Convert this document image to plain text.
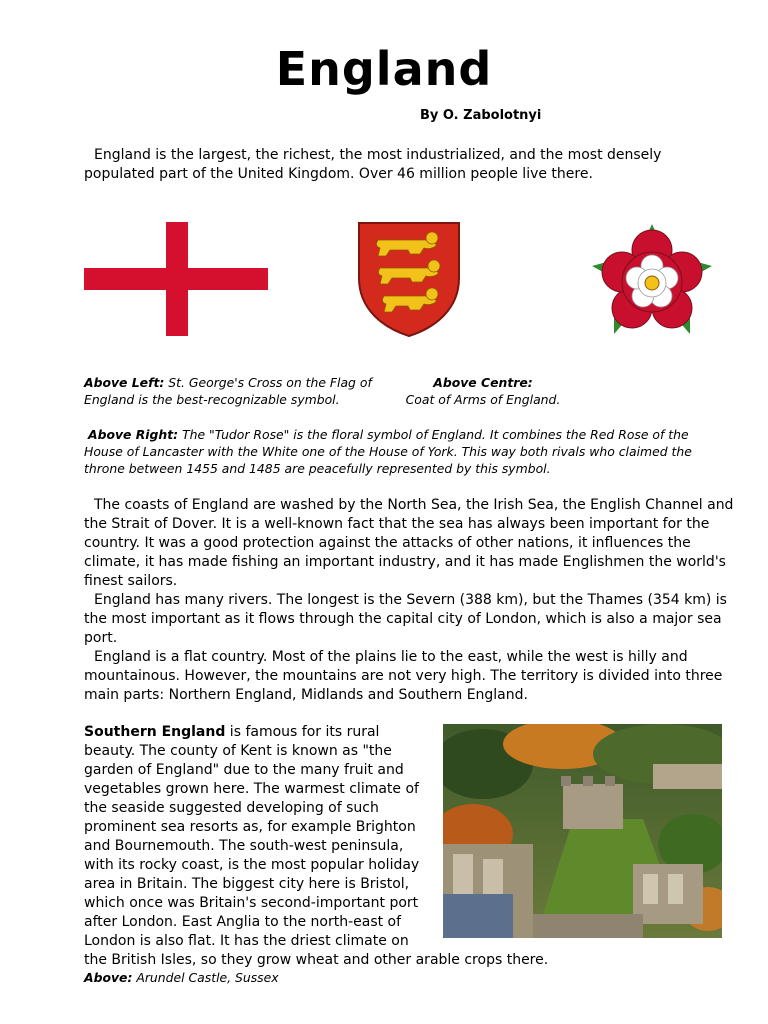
England
By O. Zabolotnyi

England is the largest, the richest, the most industrialized, and the most densely populated part of the United Kingdom. Over 46 million people live there.

Above Left: St. George's Cross on the Flag of England is the best-recognizable symbol.

Above Centre:
Coat of Arms of England.

Above Right: The "Tudor Rose" is the floral symbol of England. It combines the Red Rose of the House of Lancaster with the White one of the House of York. This way both rivals who claimed the throne between 1455 and 1485 are peacefully represented by this symbol.

The coasts of England are washed by the North Sea, the Irish Sea, the English Channel and the Strait of Dover. It is a well-known fact that the sea has always been important for the country. It was a good protection against the attacks of other nations, it influences the climate, it has made fishing an important industry, and it has made Englishmen the world's finest sailors.

England has many rivers. The longest is the Severn (388 km), but the Thames (354 km) is the most important as it flows through the capital city of London, which is also a major sea port.

England is a flat country. Most of the plains lie to the east, while the west is hilly and mountainous. However, the mountains are not very high. The territory is divided into three main parts: Northern England, Midlands and Southern England.

Southern England is famous for its rural beauty. The county of Kent is known as "the garden of England" due to the many fruit and vegetables grown here. The warmest climate of the seaside suggested developing of such prominent sea resorts as, for example Brighton and Bournemouth. The south-west peninsula, with its rocky coast, is the most popular holiday area in Britain. The biggest city here is Bristol, which once was Britain's second-important port after London. East Anglia to the north-east of London is also flat. It has the driest climate on

the British Isles, so they grow wheat and other arable crops there.

Above: Arundel Castle, Sussex
